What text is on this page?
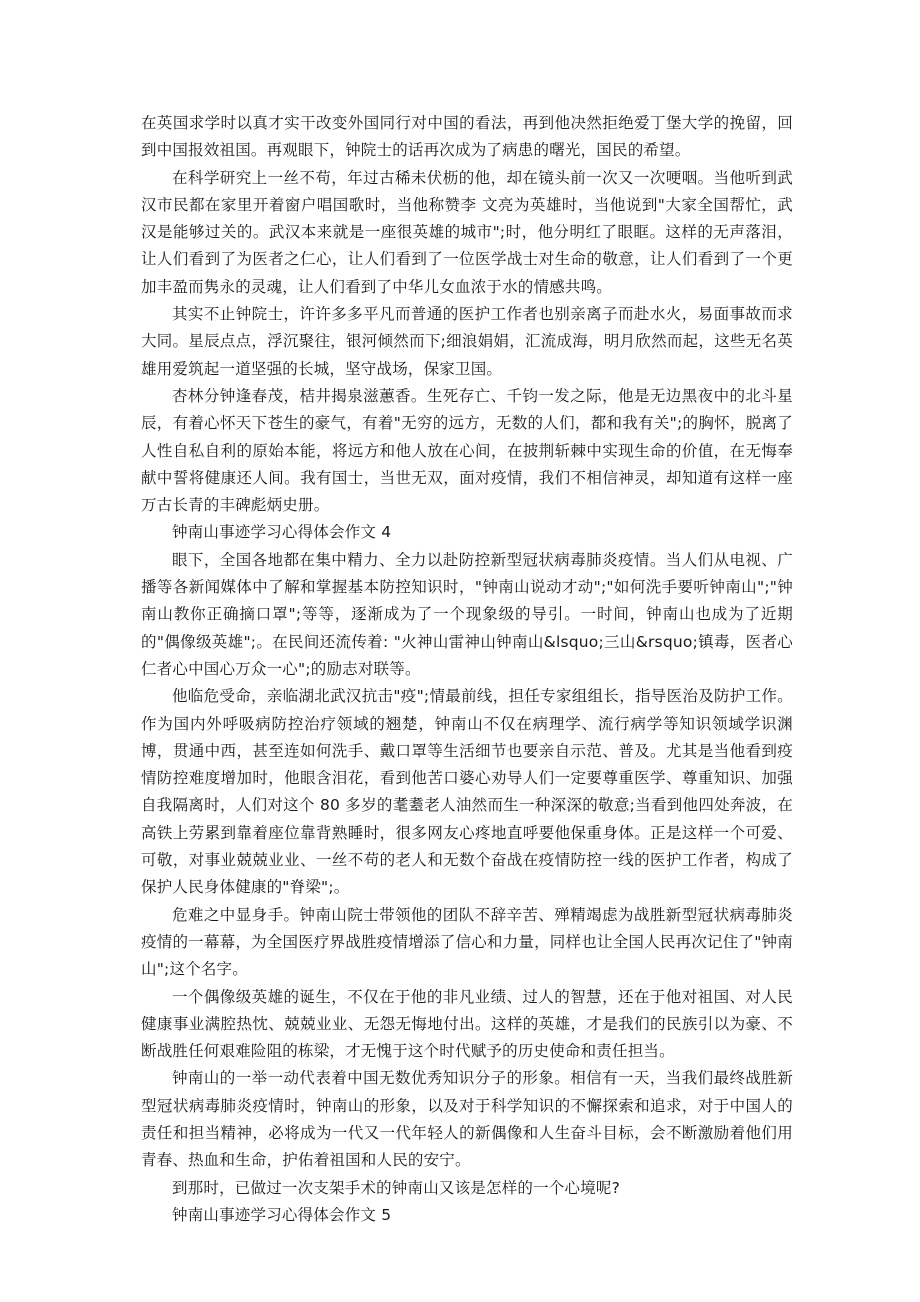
在英国求学时以真才实干改变外国同行对中国的看法，再到他决然拒绝爱丁堡大学的挽留，回到中国报效祖国。再观眼下，钟院士的话再次成为了病患的曙光，国民的希望。

在科学研究上一丝不苟，年过古稀未伏枥的他，却在镜头前一次又一次哽咽。当他听到武汉市民都在家里开着窗户唱国歌时，当他称赞李 文亮为英雄时，当他说到"大家全国帮忙，武汉是能够过关的。武汉本来就是一座很英雄的城市";时，他分明红了眼眶。这样的无声落泪，让人们看到了为医者之仁心，让人们看到了一位医学战士对生命的敬意，让人们看到了一个更加丰盈而隽永的灵魂，让人们看到了中华儿女血浓于水的情感共鸣。

其实不止钟院士，许许多多平凡而普通的医护工作者也别亲离子而赴水火，易面事故而求大同。星辰点点，浮沉聚往，银河倾然而下;细浪娟娟，汇流成海，明月欣然而起，这些无名英雄用爱筑起一道坚强的长城，坚守战场，保家卫国。

杏林分钟逢春茂，桔井揭泉滋蕙香。生死存亡、千钧一发之际，他是无边黑夜中的北斗星辰，有着心怀天下苍生的豪气，有着"无穷的远方，无数的人们，都和我有关";的胸怀，脱离了人性自私自利的原始本能，将远方和他人放在心间，在披荆斩棘中实现生命的价值，在无悔奉献中誓将健康还人间。我有国士，当世无双，面对疫情，我们不相信神灵，却知道有这样一座万古长青的丰碑彪炳史册。

钟南山事迹学习心得体会作文 4

眼下，全国各地都在集中精力、全力以赴防控新型冠状病毒肺炎疫情。当人们从电视、广播等各新闻媒体中了解和掌握基本防控知识时，"钟南山说动才动";"如何洗手要听钟南山";"钟南山教你正确摘口罩";等等，逐渐成为了一个现象级的导引。一时间，钟南山也成为了近期的"偶像级英雄";。在民间还流传着: "火神山雷神山钟南山&lsquo;三山&rsquo;镇毒，医者心仁者心中国心万众一心";的励志对联等。

他临危受命，亲临湖北武汉抗击"疫";情最前线，担任专家组组长，指导医治及防护工作。作为国内外呼吸病防控治疗领域的翘楚，钟南山不仅在病理学、流行病学等知识领域学识渊博，贯通中西，甚至连如何洗手、戴口罩等生活细节也要亲自示范、普及。尤其是当他看到疫情防控难度增加时，他眼含泪花，看到他苦口婆心劝导人们一定要尊重医学、尊重知识、加强自我隔离时，人们对这个 80 多岁的耄耋老人油然而生一种深深的敬意;当看到他四处奔波，在高铁上劳累到靠着座位靠背熟睡时，很多网友心疼地直呼要他保重身体。正是这样一个可爱、可敬，对事业兢兢业业、一丝不苟的老人和无数个奋战在疫情防控一线的医护工作者，构成了保护人民身体健康的"脊梁";。

危难之中显身手。钟南山院士带领他的团队不辞辛苦、殚精竭虑为战胜新型冠状病毒肺炎疫情的一幕幕，为全国医疗界战胜疫情增添了信心和力量，同样也让全国人民再次记住了"钟南山";这个名字。

一个偶像级英雄的诞生，不仅在于他的非凡业绩、过人的智慧，还在于他对祖国、对人民健康事业满腔热忱、兢兢业业、无怨无悔地付出。这样的英雄，才是我们的民族引以为豪、不断战胜任何艰难险阻的栋梁，才无愧于这个时代赋予的历史使命和责任担当。

钟南山的一举一动代表着中国无数优秀知识分子的形象。相信有一天，当我们最终战胜新型冠状病毒肺炎疫情时，钟南山的形象，以及对于科学知识的不懈探索和追求，对于中国人的责任和担当精神，必将成为一代又一代年轻人的新偶像和人生奋斗目标，会不断激励着他们用青春、热血和生命，护佑着祖国和人民的安宁。

到那时，已做过一次支架手术的钟南山又该是怎样的一个心境呢?

钟南山事迹学习心得体会作文 5
